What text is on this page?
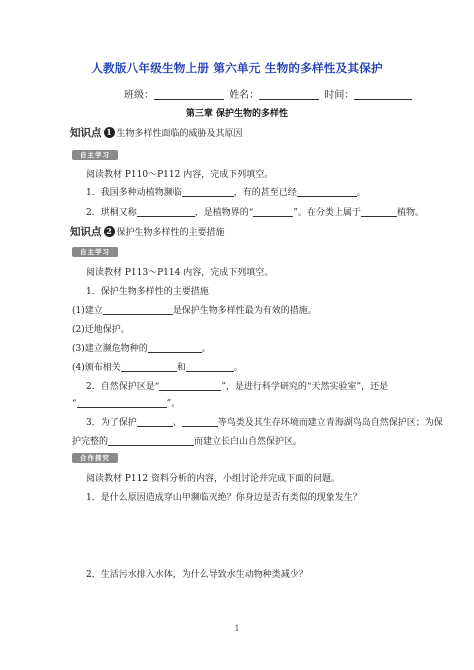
人教版八年级生物上册 第六单元 生物的多样性及其保护
班级：	姓名：	时间：
第三章 保护生物的多样性
知识点 1 生物多样性面临的威胁及其原因
自主学习
阅读教材 P110～P112 内容，完成下列填空。
1．我国多种动植物濒临	，有的甚至已经	。
2．珙桐又称	，是植物界的“	”。在分类上属于	植物。
知识点 2 保护生物多样性的主要措施
自主学习
阅读教材 P113～P114 内容，完成下列填空。
1．保护生物多样性的主要措施
(1)建立	是保护生物多样性最为有效的措施。
(2)迁地保护。
(3)建立濒危物种的	。
(4)颁布相关	和	。
2．自然保护区是“	”，是进行科学研究的“天然实验室”，还是
“	”。
3．为了保护	、	等鸟类及其生存环境而建立青海湖鸟岛自然保护区；为保
护完整的	而建立长白山自然保护区。
合作探究
阅读教材 P112 资料分析的内容，小组讨论并完成下面的问题。
1．是什么原因造成穿山甲濒临灭绝？你身边是否有类似的现象发生？
2．生活污水排入水体，为什么导致水生动物种类减少？
1
